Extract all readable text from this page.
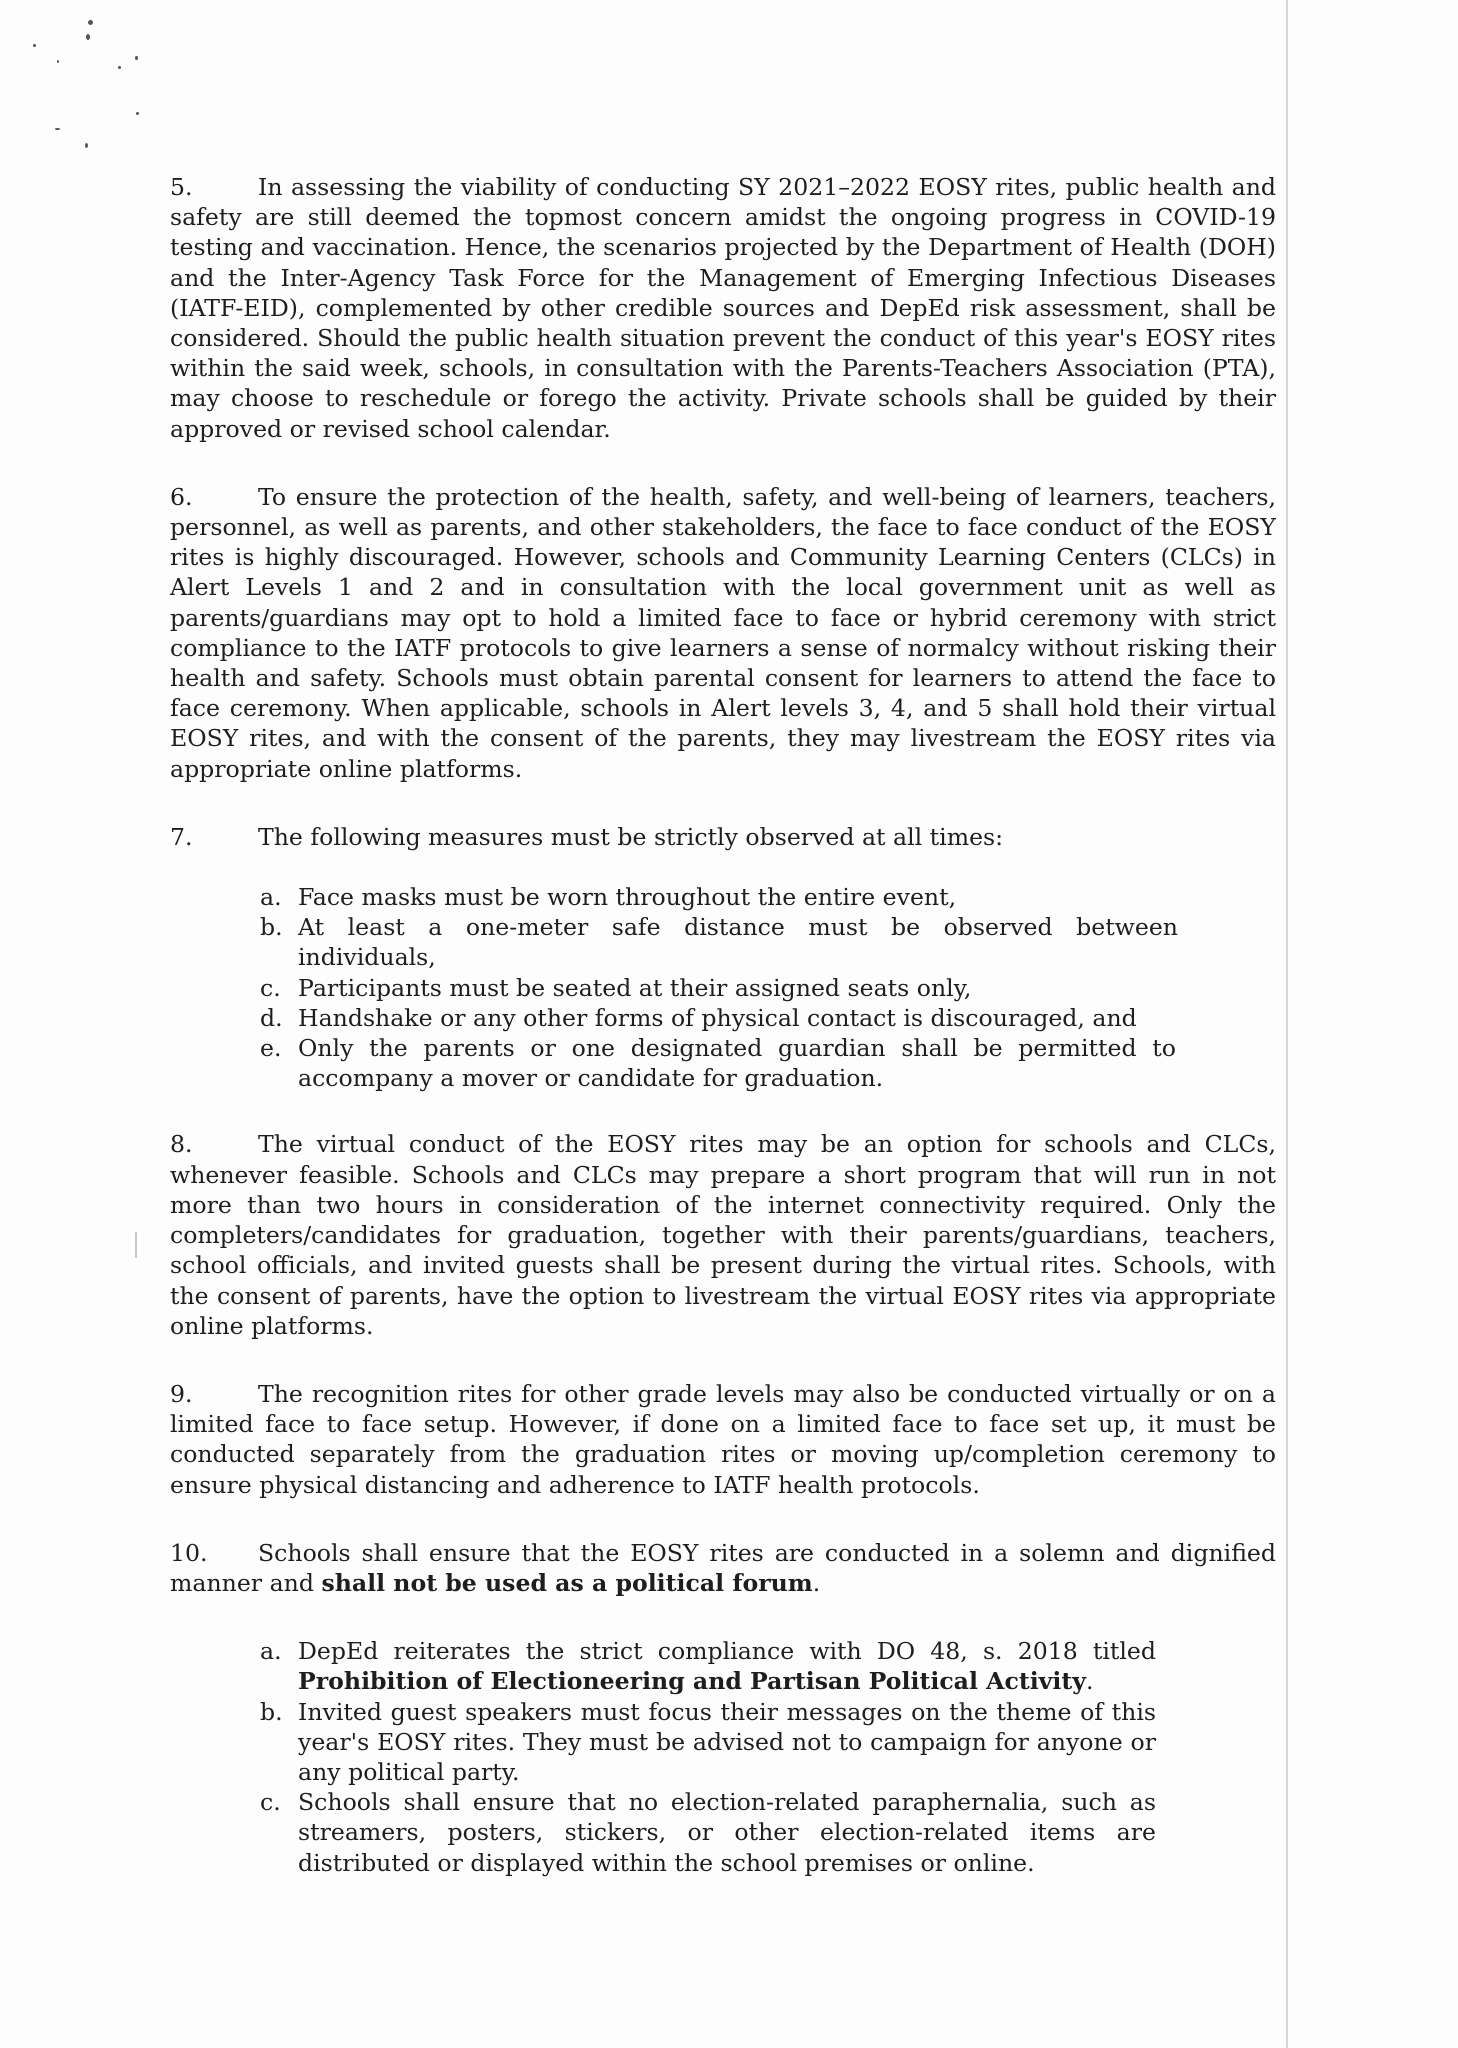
5.	In assessing the viability of conducting SY 2021–2022 EOSY rites, public health and safety are still deemed the topmost concern amidst the ongoing progress in COVID-19 testing and vaccination. Hence, the scenarios projected by the Department of Health (DOH) and the Inter-Agency Task Force for the Management of Emerging Infectious Diseases (IATF-EID), complemented by other credible sources and DepEd risk assessment, shall be considered. Should the public health situation prevent the conduct of this year's EOSY rites within the said week, schools, in consultation with the Parents-Teachers Association (PTA), may choose to reschedule or forego the activity. Private schools shall be guided by their approved or revised school calendar.

6.	To ensure the protection of the health, safety, and well-being of learners, teachers, personnel, as well as parents, and other stakeholders, the face to face conduct of the EOSY rites is highly discouraged. However, schools and Community Learning Centers (CLCs) in Alert Levels 1 and 2 and in consultation with the local government unit as well as parents/guardians may opt to hold a limited face to face or hybrid ceremony with strict compliance to the IATF protocols to give learners a sense of normalcy without risking their health and safety. Schools must obtain parental consent for learners to attend the face to face ceremony. When applicable, schools in Alert levels 3, 4, and 5 shall hold their virtual EOSY rites, and with the consent of the parents, they may livestream the EOSY rites via appropriate online platforms.

7.	The following measures must be strictly observed at all times:

a. Face masks must be worn throughout the entire event,
b. At least a one-meter safe distance must be observed between individuals,
c. Participants must be seated at their assigned seats only,
d. Handshake or any other forms of physical contact is discouraged, and
e. Only the parents or one designated guardian shall be permitted to accompany a mover or candidate for graduation.

8.	The virtual conduct of the EOSY rites may be an option for schools and CLCs, whenever feasible. Schools and CLCs may prepare a short program that will run in not more than two hours in consideration of the internet connectivity required. Only the completers/candidates for graduation, together with their parents/guardians, teachers, school officials, and invited guests shall be present during the virtual rites. Schools, with the consent of parents, have the option to livestream the virtual EOSY rites via appropriate online platforms.

9.	The recognition rites for other grade levels may also be conducted virtually or on a limited face to face setup. However, if done on a limited face to face set up, it must be conducted separately from the graduation rites or moving up/completion ceremony to ensure physical distancing and adherence to IATF health protocols.

10. Schools shall ensure that the EOSY rites are conducted in a solemn and dignified manner and shall not be used as a political forum.

a. DepEd reiterates the strict compliance with DO 48, s. 2018 titled Prohibition of Electioneering and Partisan Political Activity.
b. Invited guest speakers must focus their messages on the theme of this year's EOSY rites. They must be advised not to campaign for anyone or any political party.
c. Schools shall ensure that no election-related paraphernalia, such as streamers, posters, stickers, or other election-related items are distributed or displayed within the school premises or online.
